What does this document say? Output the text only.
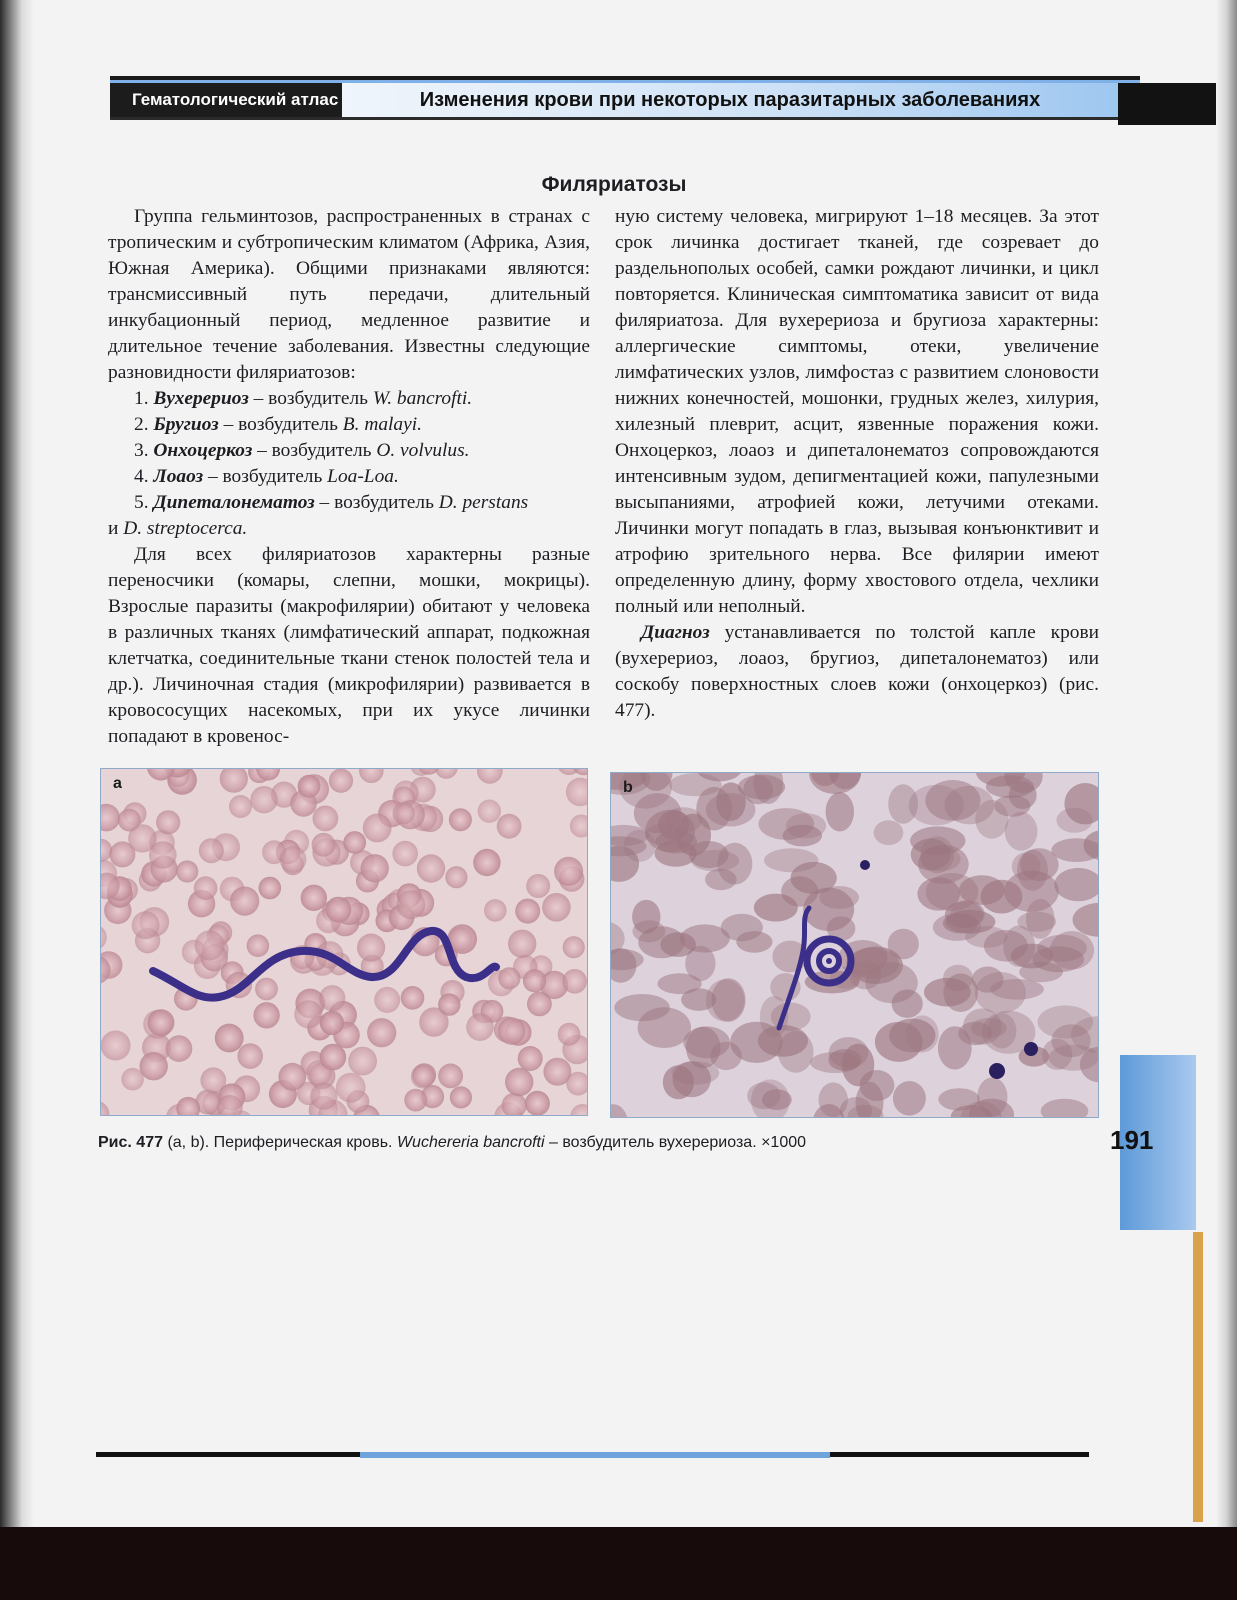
Гематологический атлас	Изменения крови при некоторых паразитарных заболеваниях
Филяриатозы

Группа гельминтозов, распространенных в странах с тропическим и субтропическим климатом (Африка, Азия, Южная Америка). Общими признаками являются: трансмиссивный путь передачи, длительный инкубационный период, медленное развитие и длительное течение заболевания. Известны следующие разновидности филяриатозов:

1. Вухерериоз – возбудитель W. bancrofti.

2. Бругиоз – возбудитель B. malayi.

3. Онхоцеркоз – возбудитель O. volvulus.

4. Лоаоз – возбудитель Loa-Loa.

5. Дипеталонематоз – возбудитель D. perstans

и D. streptocerca.

Для всех филяриатозов характерны разные переносчики (комары, слепни, мошки, мокрицы). Взрослые паразиты (макрофилярии) обитают у человека в различных тканях (лимфатический аппарат, подкожная клетчатка, соединительные ткани стенок полостей тела и др.). Личиночная стадия (микрофилярии) развивается в кровососущих насекомых, при их укусе личинки попадают в кровенос-

ную систему человека, мигрируют 1–18 месяцев. За этот срок личинка достигает тканей, где созревает до раздельнополых особей, самки рождают личинки, и цикл повторяется. Клиническая симптоматика зависит от вида филяриатоза. Для вухерериоза и бругиоза характерны: аллергические симптомы, отеки, увеличение лимфатических узлов, лимфостаз с развитием слоновости нижних конечностей, мошонки, грудных желез, хилурия, хилезный плеврит, асцит, язвенные поражения кожи. Онхоцеркоз, лоаоз и дипеталонематоз сопровождаются интенсивным зудом, депигментацией кожи, папулезными высыпаниями, атрофией кожи, летучими отеками. Личинки могут попадать в глаз, вызывая конъюнктивит и атрофию зрительного нерва. Все филярии имеют определенную длину, форму хвостового отдела, чехлики полный или неполный.

Диагноз устанавливается по толстой капле крови (вухерериоз, лоаоз, бругиоз, дипеталонематоз) или соскобу поверхностных слоев кожи (онхоцеркоз) (рис. 477).

a	b
Рис. 477 (a, b). Периферическая кровь. Wuchereria bancrofti – возбудитель вухерериоза. ×1000	191
